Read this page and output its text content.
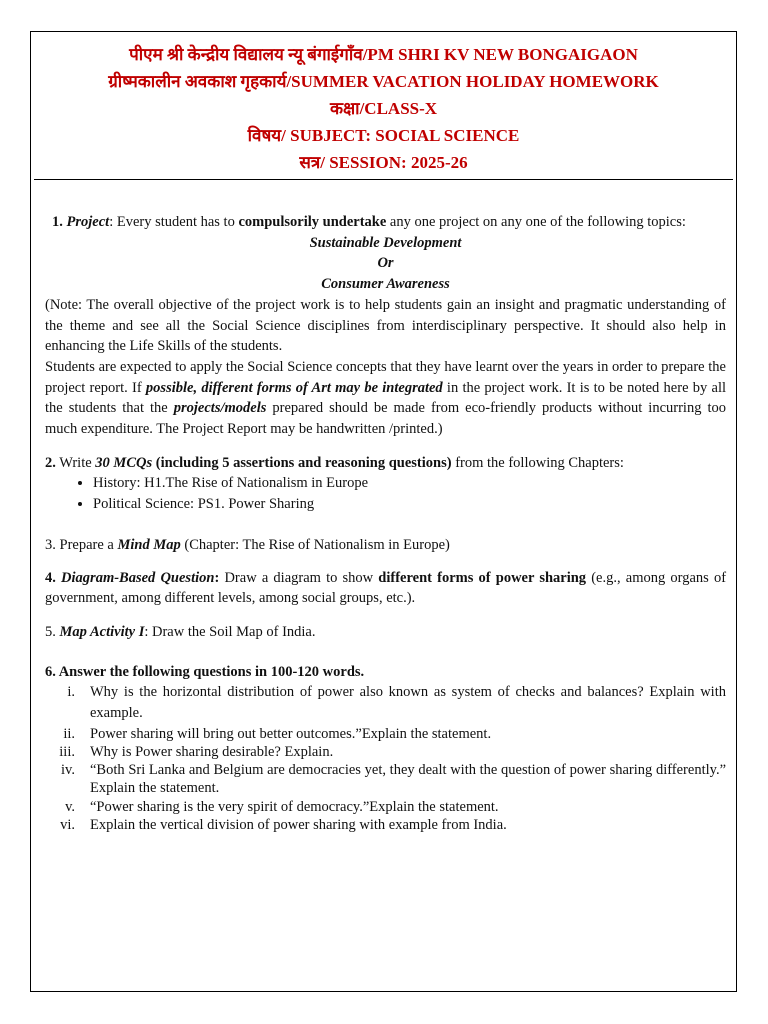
पीएम श्री केन्द्रीय विद्यालय न्यू बंगाईगाँव/PM SHRI KV NEW BONGAIGAON
ग्रीष्मकालीन अवकाश गृहकार्य/SUMMER VACATION HOLIDAY HOMEWORK
कक्षा/CLASS-X
विषय/ SUBJECT: SOCIAL SCIENCE
सत्र/ SESSION: 2025-26

1. Project: Every student has to compulsorily undertake any one project on any one of the following topics:

Sustainable Development

Or

Consumer Awareness

(Note: The overall objective of the project work is to help students gain an insight and pragmatic understanding of the theme and see all the Social Science disciplines from interdisciplinary perspective. It should also help in enhancing the Life Skills of the students.

Students are expected to apply the Social Science concepts that they have learnt over the years in order to prepare the project report. If possible, different forms of Art may be integrated in the project work. It is to be noted here by all the students that the projects/models prepared should be made from eco-friendly products without incurring too much expenditure. The Project Report may be handwritten /printed.)

2. Write 30 MCQs (including 5 assertions and reasoning questions) from the following Chapters:

• History: H1.The Rise of Nationalism in Europe
• Political Science: PS1. Power Sharing

3. Prepare a Mind Map (Chapter: The Rise of Nationalism in Europe)

4. Diagram-Based Question: Draw a diagram to show different forms of power sharing (e.g., among organs of government, among different levels, among social groups, etc.).

5. Map Activity I: Draw the Soil Map of India.

6. Answer the following questions in 100-120 words.

i.	Why is the horizontal distribution of power also known as system of checks and balances? Explain with example.
ii.	Power sharing will bring out better outcomes.”Explain the statement.
iii.	Why is Power sharing desirable? Explain.
iv.	“Both Sri Lanka and Belgium are democracies yet, they dealt with the question of power sharing differently.” Explain the statement.
v.	“Power sharing is the very spirit of democracy.”Explain the statement.
vi.	Explain the vertical division of power sharing with example from India.
